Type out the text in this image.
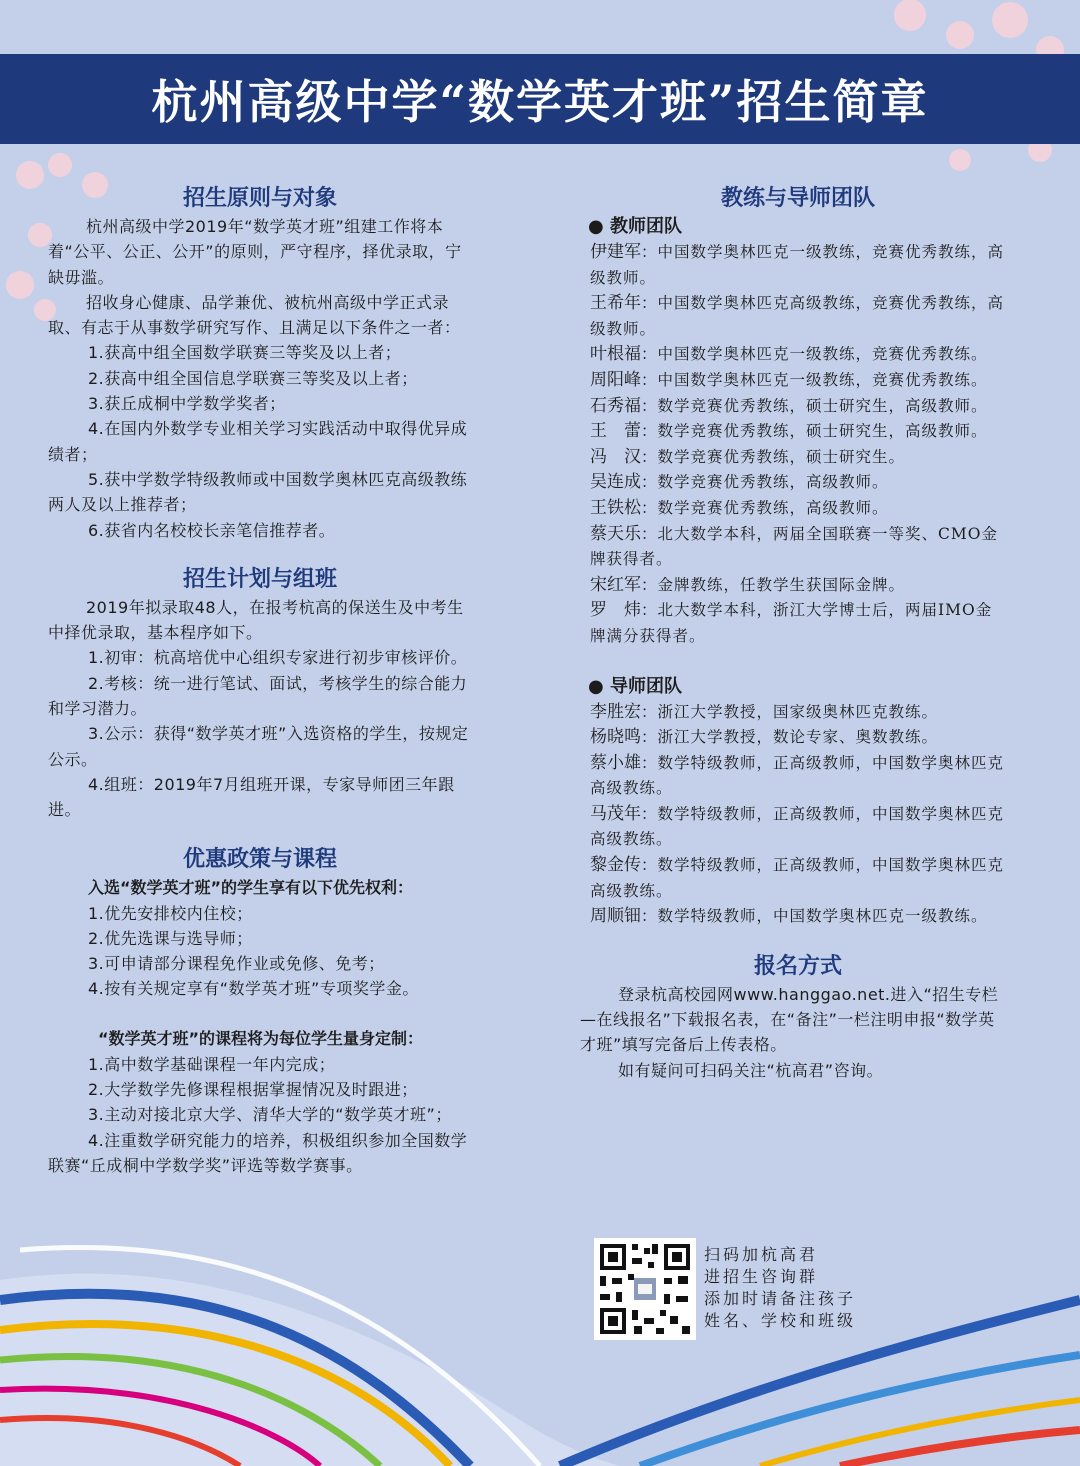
杭州高级中学“数学英才班”招生简章

招生原则与对象

杭州高级中学2019年“数学英才班”组建工作将本着“公平、公正、公开”的原则，严守程序，择优录取，宁缺毋滥。

招收身心健康、品学兼优、被杭州高级中学正式录取、有志于从事数学研究写作、且满足以下条件之一者：

1.获高中组全国数学联赛三等奖及以上者；

2.获高中组全国信息学联赛三等奖及以上者；

3.获丘成桐中学数学奖者；

4.在国内外数学专业相关学习实践活动中取得优异成绩者；

5.获中学数学特级教师或中国数学奥林匹克高级教练两人及以上推荐者；

6.获省内名校校长亲笔信推荐者。

招生计划与组班

2019年拟录取48人，在报考杭高的保送生及中考生中择优录取，基本程序如下。

1.初审：杭高培优中心组织专家进行初步审核评价。

2.考核：统一进行笔试、面试，考核学生的综合能力和学习潜力。

3.公示：获得“数学英才班”入选资格的学生，按规定公示。

4.组班：2019年7月组班开课，专家导师团三年跟进。

优惠政策与课程

入选“数学英才班”的学生享有以下优先权利：

1.优先安排校内住校；

2.优先选课与选导师；

3.可申请部分课程免作业或免修、免考；

4.按有关规定享有“数学英才班”专项奖学金。

“数学英才班”的课程将为每位学生量身定制：

1.高中数学基础课程一年内完成；

2.大学数学先修课程根据掌握情况及时跟进；

3.主动对接北京大学、清华大学的“数学英才班”；

4.注重数学研究能力的培养，积极组织参加全国数学联赛“丘成桐中学数学奖”评选等数学赛事。

教练与导师团队

● 教师团队

伊建军：中国数学奥林匹克一级教练，竞赛优秀教练，高级教师。

王希年：中国数学奥林匹克高级教练，竞赛优秀教练，高级教师。

叶根福：中国数学奥林匹克一级教练，竞赛优秀教练。

周阳峰：中国数学奥林匹克一级教练，竞赛优秀教练。

石秀福：数学竞赛优秀教练，硕士研究生，高级教师。

王　蕾：数学竞赛优秀教练，硕士研究生，高级教师。

冯　汉：数学竞赛优秀教练，硕士研究生。

吴连成：数学竞赛优秀教练，高级教师。

王铁松：数学竞赛优秀教练，高级教师。

蔡天乐：北大数学本科，两届全国联赛一等奖、CMO金牌获得者。

宋红军：金牌教练，任教学生获国际金牌。

罗　炜：北大数学本科，浙江大学博士后，两届IMO金牌满分获得者。

● 导师团队

李胜宏：浙江大学教授，国家级奥林匹克教练。

杨晓鸣：浙江大学教授，数论专家、奥数教练。

蔡小雄：数学特级教师，正高级教师，中国数学奥林匹克高级教练。

马茂年：数学特级教师，正高级教师，中国数学奥林匹克高级教练。

黎金传：数学特级教师，正高级教师，中国数学奥林匹克高级教练。

周顺钿：数学特级教师，中国数学奥林匹克一级教练。

报名方式

登录杭高校园网www.hanggao.net.进入“招生专栏—在线报名”下载报名表，在“备注”一栏注明申报“数学英才班”填写完备后上传表格。

如有疑问可扫码关注“杭高君”咨询。

扫码加杭高君
进招生咨询群
添加时请备注孩子
姓名、学校和班级
